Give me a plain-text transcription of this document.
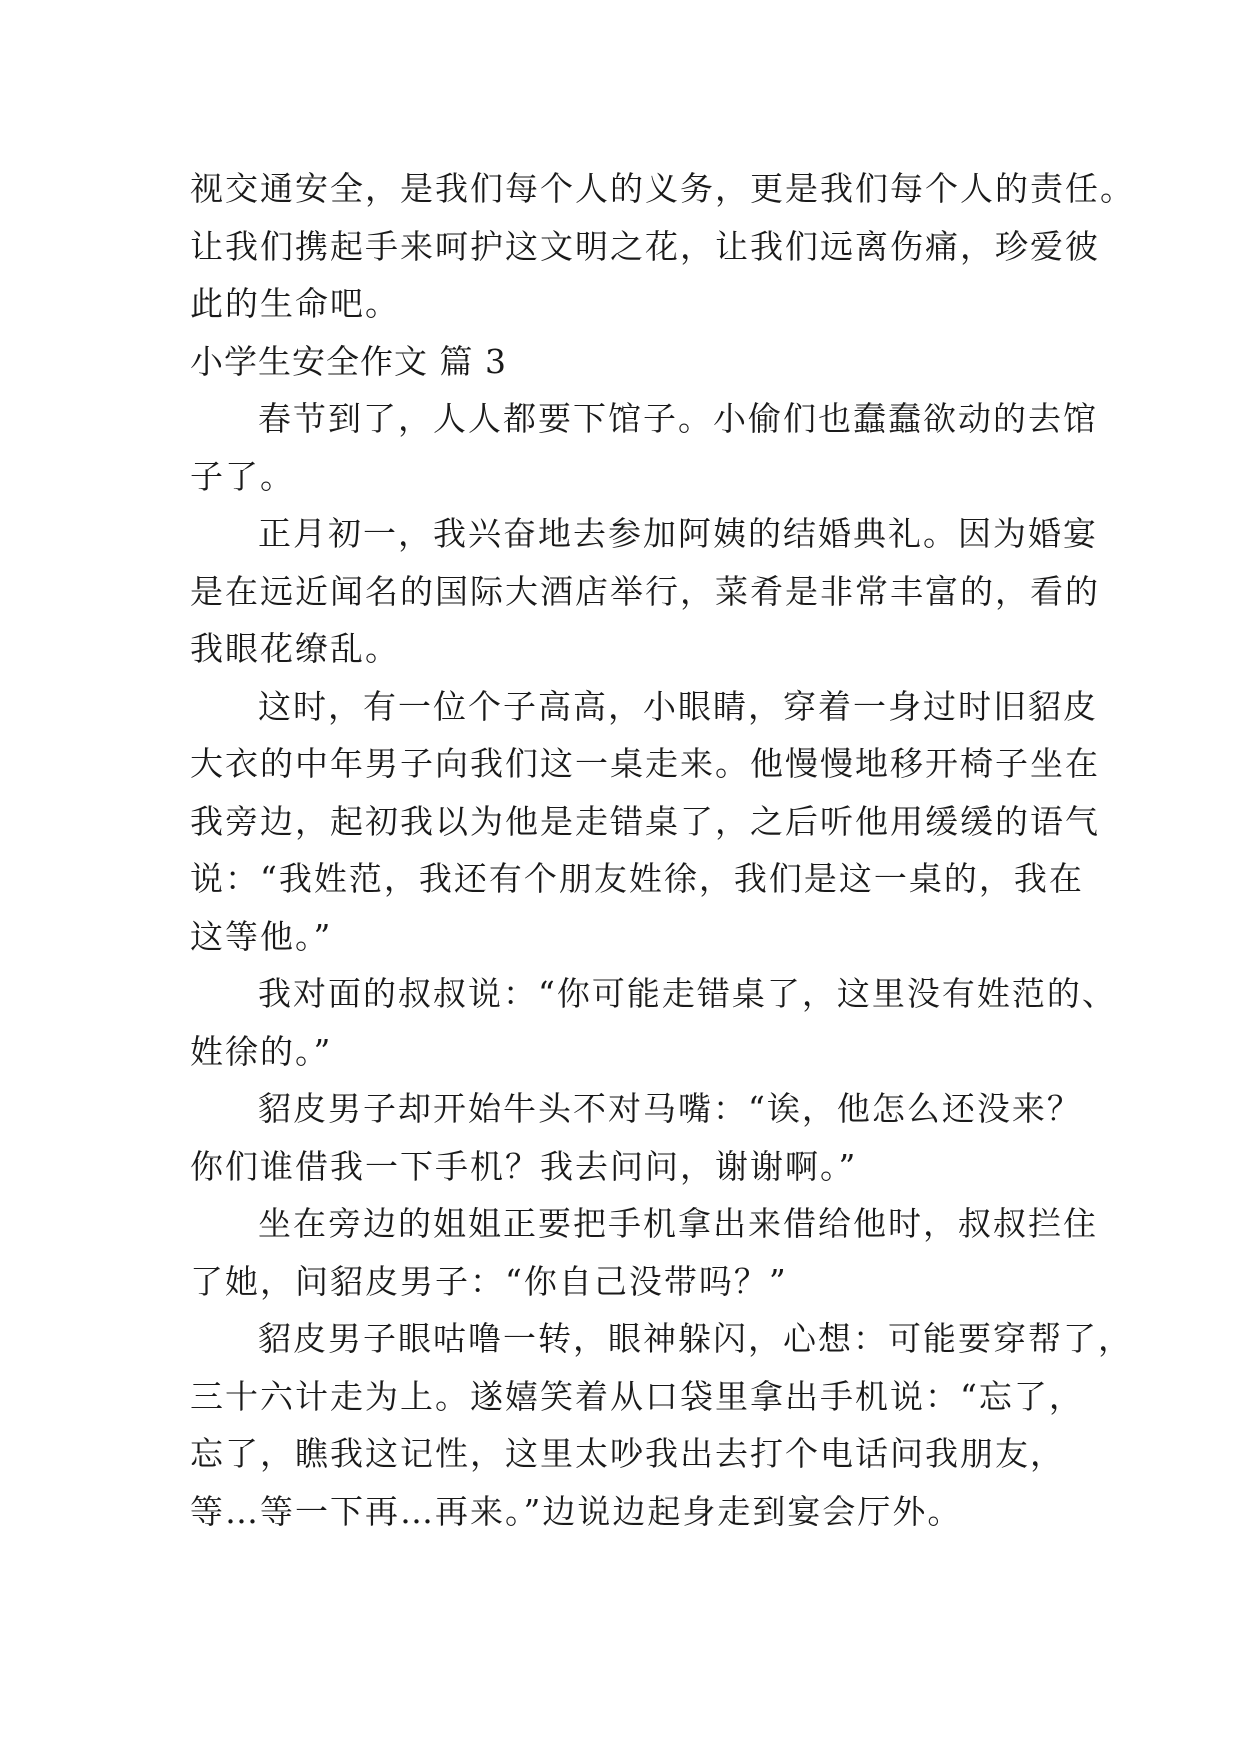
视交通安全，是我们每个人的义务，更是我们每个人的责任。
让我们携起手来呵护这文明之花，让我们远离伤痛，珍爱彼
此的生命吧。
小学生安全作文 篇 3
春节到了，人人都要下馆子。小偷们也蠢蠢欲动的去馆
子了。
正月初一，我兴奋地去参加阿姨的结婚典礼。因为婚宴
是在远近闻名的国际大酒店举行，菜肴是非常丰富的，看的
我眼花缭乱。
这时，有一位个子高高，小眼睛，穿着一身过时旧貂皮
大衣的中年男子向我们这一桌走来。他慢慢地移开椅子坐在
我旁边，起初我以为他是走错桌了，之后听他用缓缓的语气
说：“我姓范，我还有个朋友姓徐，我们是这一桌的，我在
这等他。”
我对面的叔叔说：“你可能走错桌了，这里没有姓范的、
姓徐的。”
貂皮男子却开始牛头不对马嘴：“诶，他怎么还没来？
你们谁借我一下手机？我去问问，谢谢啊。”
坐在旁边的姐姐正要把手机拿出来借给他时，叔叔拦住
了她，问貂皮男子：“你自己没带吗？”
貂皮男子眼咕噜一转，眼神躲闪，心想：可能要穿帮了，
三十六计走为上。遂嬉笑着从口袋里拿出手机说：“忘了，
忘了，瞧我这记性，这里太吵我出去打个电话问我朋友，
等…等一下再…再来。”边说边起身走到宴会厅外。
